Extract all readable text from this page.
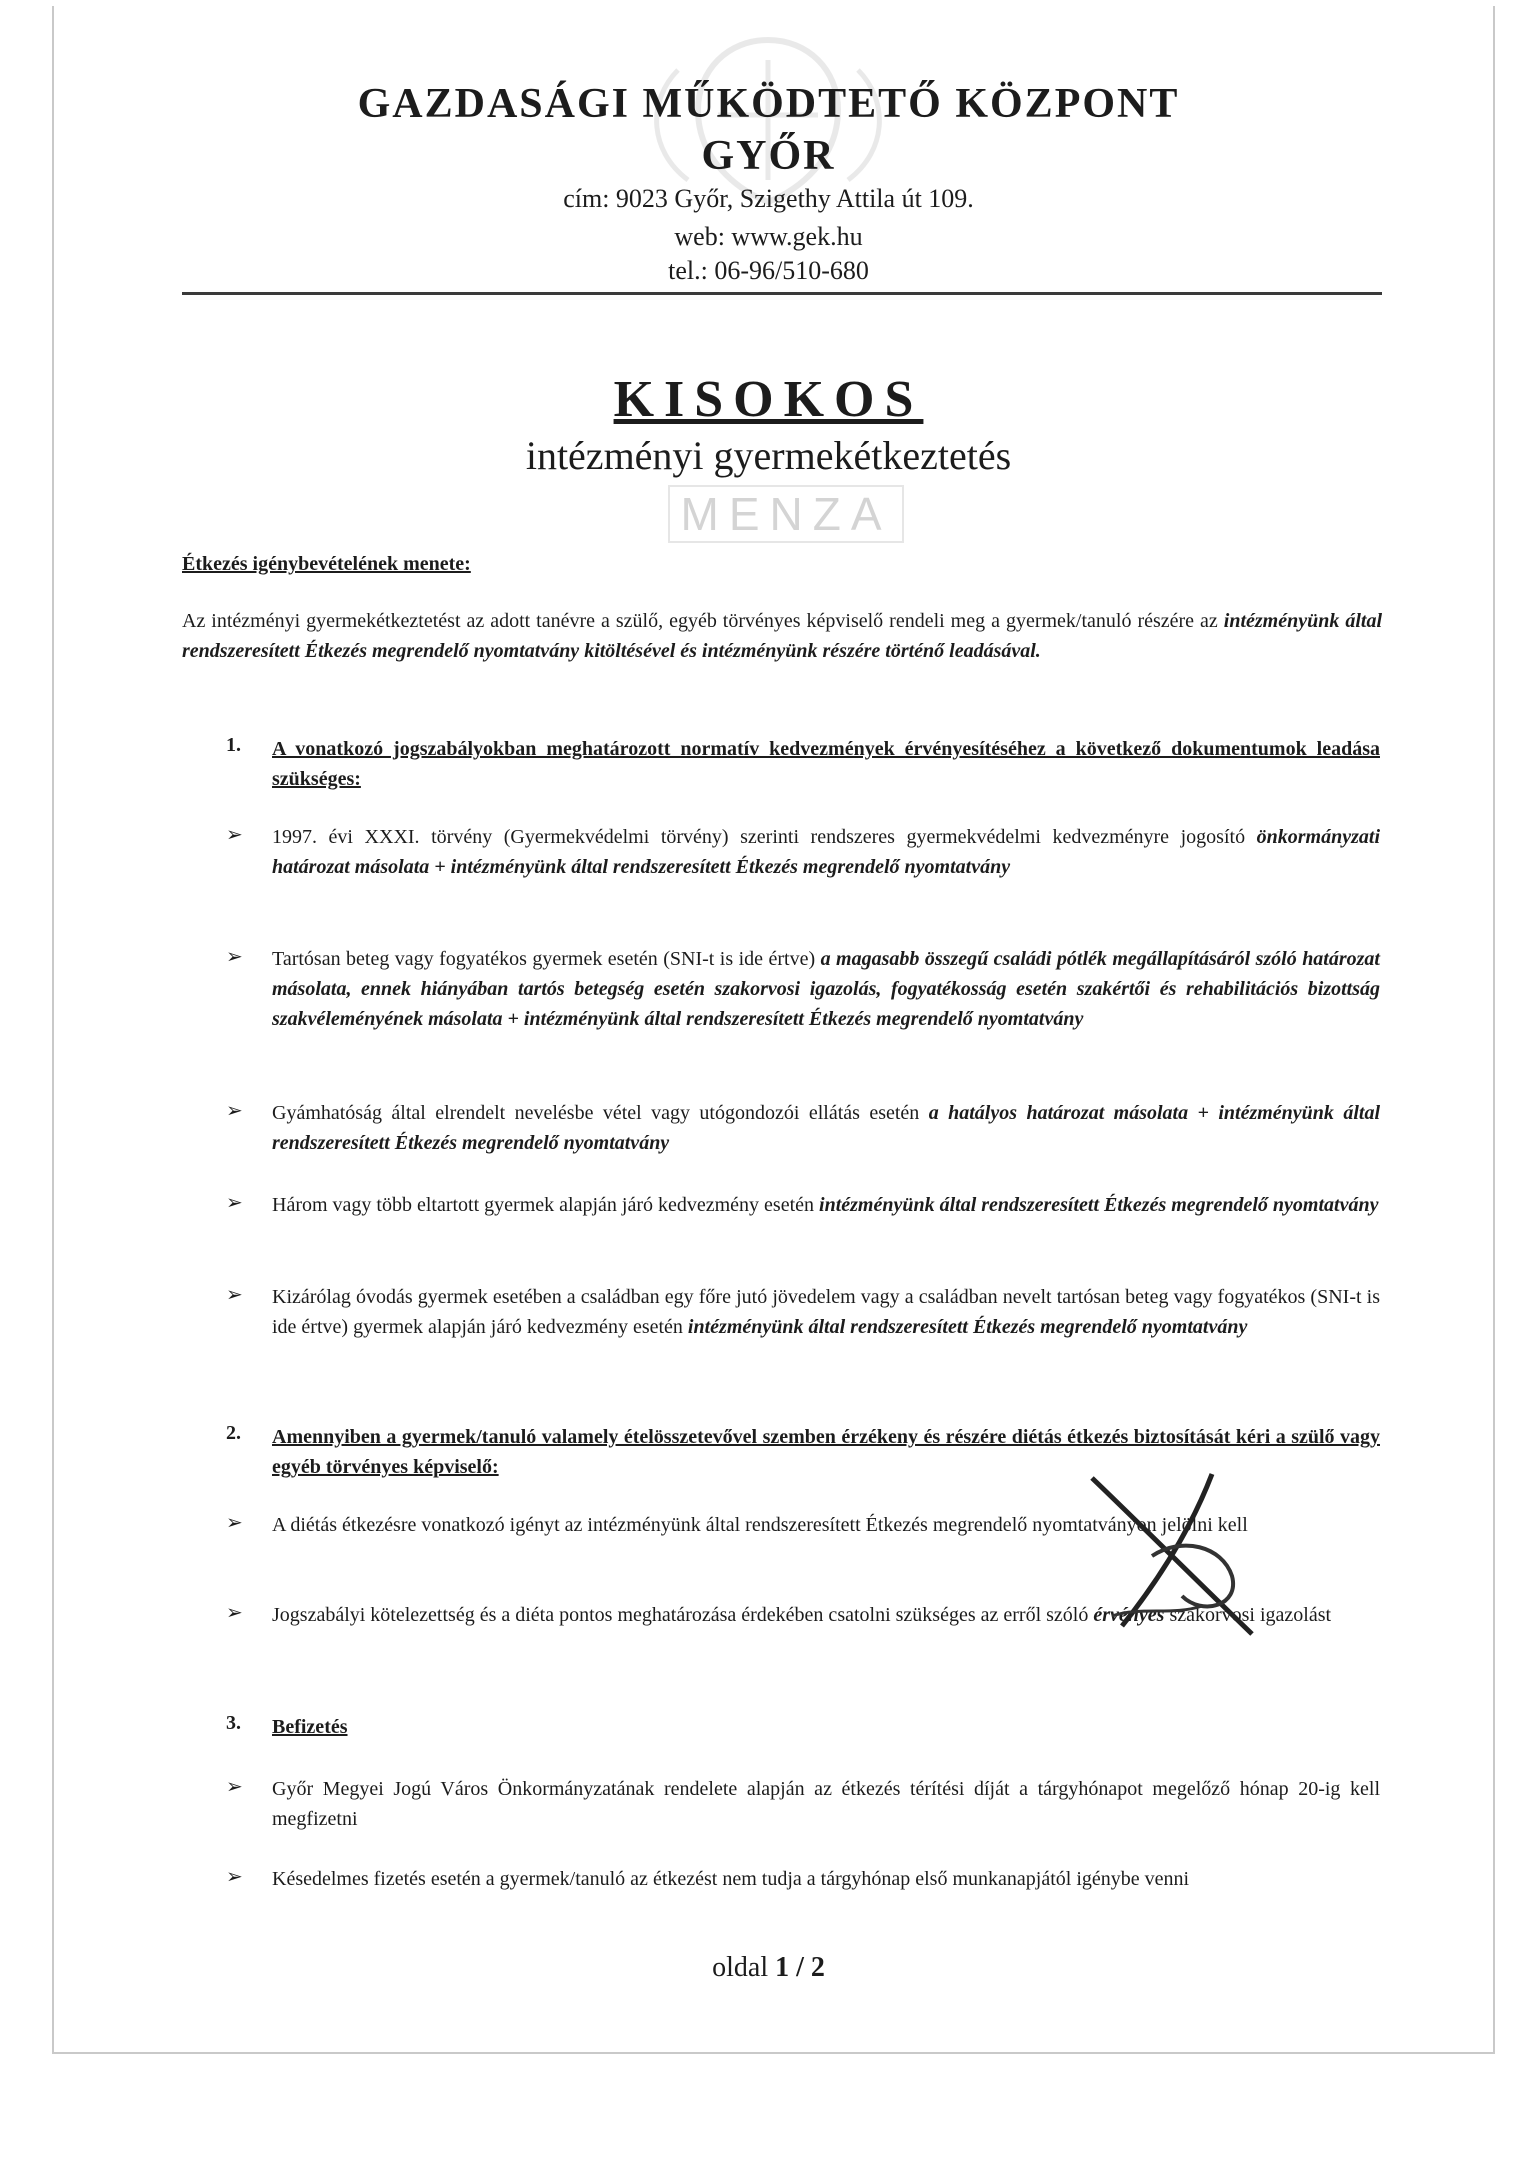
MENZA
GAZDASÁGI MŰKÖDTETŐ KÖZPONT
GYŐR
cím: 9023 Győr, Szigethy Attila út 109.
web: www.gek.hu
tel.: 06-96/510-680
KISOKOS
intézményi gyermekétkeztetés
Étkezés igénybevételének menete:
Az intézményi gyermekétkeztetést az adott tanévre a szülő, egyéb törvényes képviselő rendeli meg a gyermek/tanuló részére az intézményünk által rendszeresített Étkezés megrendelő nyomtatvány kitöltésével és intézményünk részére történő leadásával.
1. A vonatkozó jogszabályokban meghatározott normatív kedvezmények érvényesítéséhez a következő dokumentumok leadása szükséges:
➢ 1997. évi XXXI. törvény (Gyermekvédelmi törvény) szerinti rendszeres gyermekvédelmi kedvezményre jogosító önkormányzati határozat másolata + intézményünk által rendszeresített Étkezés megrendelő nyomtatvány
➢ Tartósan beteg vagy fogyatékos gyermek esetén (SNI-t is ide értve) a magasabb összegű családi pótlék megállapításáról szóló határozat másolata, ennek hiányában tartós betegség esetén szakorvosi igazolás, fogyatékosság esetén szakértői és rehabilitációs bizottság szakvéleményének másolata + intézményünk által rendszeresített Étkezés megrendelő nyomtatvány
➢ Gyámhatóság által elrendelt nevelésbe vétel vagy utógondozói ellátás esetén a hatályos határozat másolata + intézményünk által rendszeresített Étkezés megrendelő nyomtatvány
➢ Három vagy több eltartott gyermek alapján járó kedvezmény esetén intézményünk által rendszeresített Étkezés megrendelő nyomtatvány
➢ Kizárólag óvodás gyermek esetében a családban egy főre jutó jövedelem vagy a családban nevelt tartósan beteg vagy fogyatékos (SNI-t is ide értve) gyermek alapján járó kedvezmény esetén intézményünk által rendszeresített Étkezés megrendelő nyomtatvány
2. Amennyiben a gyermek/tanuló valamely ételösszetevővel szemben érzékeny és részére diétás étkezés biztosítását kéri a szülő vagy egyéb törvényes képviselő:
➢ A diétás étkezésre vonatkozó igényt az intézményünk által rendszeresített Étkezés megrendelő nyomtatványon jelölni kell
➢ Jogszabályi kötelezettség és a diéta pontos meghatározása érdekében csatolni szükséges az erről szóló érvényes szakorvosi igazolást
3. Befizetés
➢ Győr Megyei Jogú Város Önkormányzatának rendelete alapján az étkezés térítési díját a tárgyhónapot megelőző hónap 20-ig kell megfizetni
➢ Késedelmes fizetés esetén a gyermek/tanuló az étkezést nem tudja a tárgyhónap első munkanapjától igénybe venni
oldal 1 / 2
